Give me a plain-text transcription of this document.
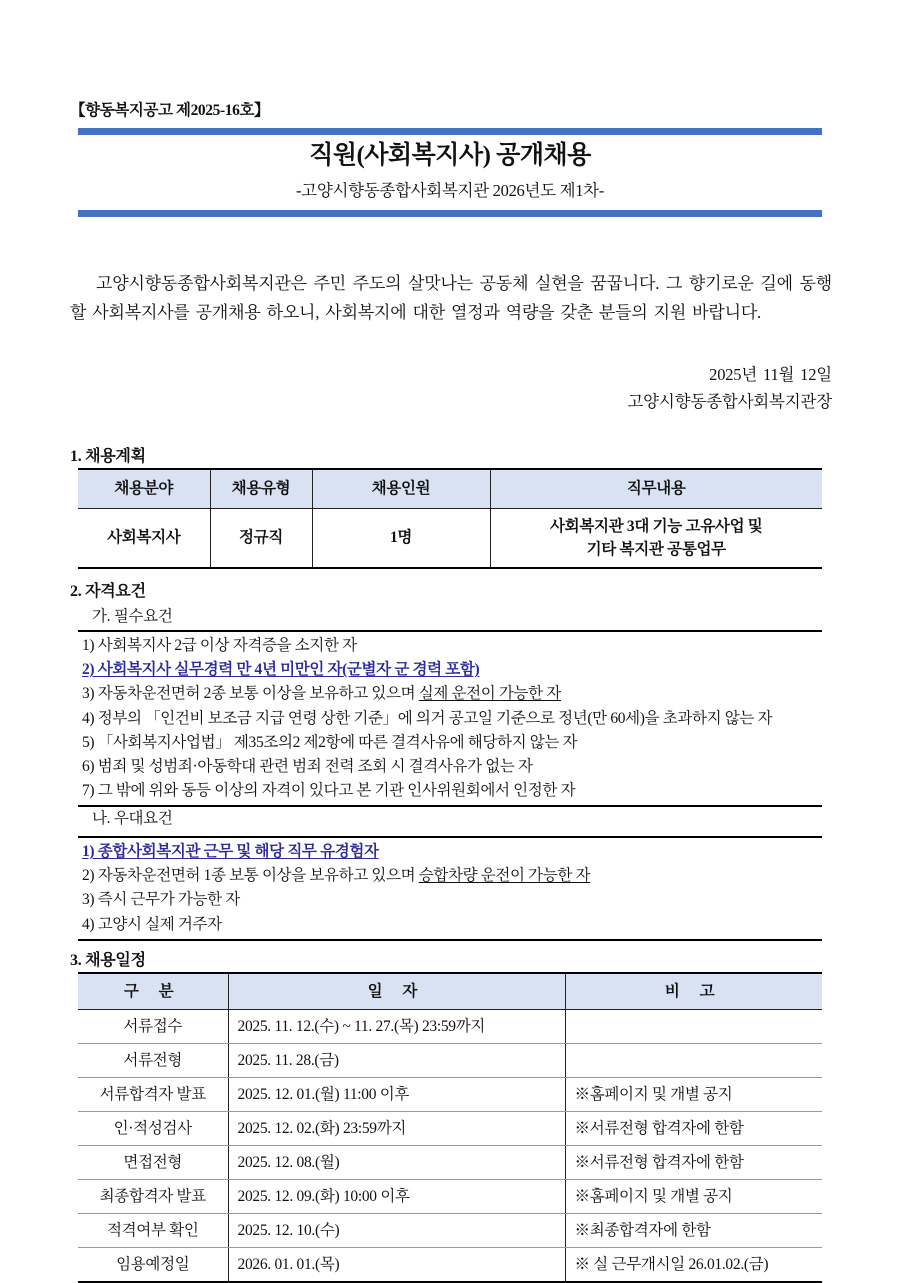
【향동복지공고 제2025-16호】
직원(사회복지사) 공개채용

-고양시향동종합사회복지관 2026년도 제1차-

고양시향동종합사회복지관은 주민 주도의 살맛나는 공동체 실현을 꿈꿉니다. 그 향기로운 길에 동행할 사회복지사를 공개채용 하오니, 사회복지에 대한 열정과 역량을 갖춘 분들의 지원 바랍니다.

2025년 11월 12일
고양시향동종합사회복지관장
1. 채용계획
채용분야	채용유형	채용인원	직무내용
사회복지사	정규직	1명	사회복지관 3대 기능 고유사업 및
기타 복지관 공통업무
2. 자격요건
가. 필수요건
1) 사회복지사 2급 이상 자격증을 소지한 자
2) 사회복지사 실무경력 만 4년 미만인 자(군별자 군 경력 포함)
3) 자동차운전면허 2종 보통 이상을 보유하고 있으며 실제 운전이 가능한 자
4) 정부의 「인건비 보조금 지급 연령 상한 기준」에 의거 공고일 기준으로 정년(만 60세)을 초과하지 않는 자
5) 「사회복지사업법」 제35조의2 제2항에 따른 결격사유에 해당하지 않는 자
6) 범죄 및 성범죄·아동학대 관련 범죄 전력 조회 시 결격사유가 없는 자
7) 그 밖에 위와 동등 이상의 자격이 있다고 본 기관 인사위원회에서 인정한 자
나. 우대요건
1) 종합사회복지관 근무 및 해당 직무 유경험자
2) 자동차운전면허 1종 보통 이상을 보유하고 있으며 승합차량 운전이 가능한 자
3) 즉시 근무가 가능한 자
4) 고양시 실제 거주자
3. 채용일정
구 분	일 자	비 고
서류접수	2025. 11. 12.(수) ~ 11. 27.(목) 23:59까지	
서류전형	2025. 11. 28.(금)	
서류합격자 발표	2025. 12. 01.(월) 11:00 이후	※홈페이지 및 개별 공지
인·적성검사	2025. 12. 02.(화) 23:59까지	※서류전형 합격자에 한함
면접전형	2025. 12. 08.(월)	※서류전형 합격자에 한함
최종합격자 발표	2025. 12. 09.(화) 10:00 이후	※홈페이지 및 개별 공지
적격여부 확인	2025. 12. 10.(수)	※최종합격자에 한함
임용예정일	2026. 01. 01.(목)	※ 실 근무개시일 26.01.02.(금)
